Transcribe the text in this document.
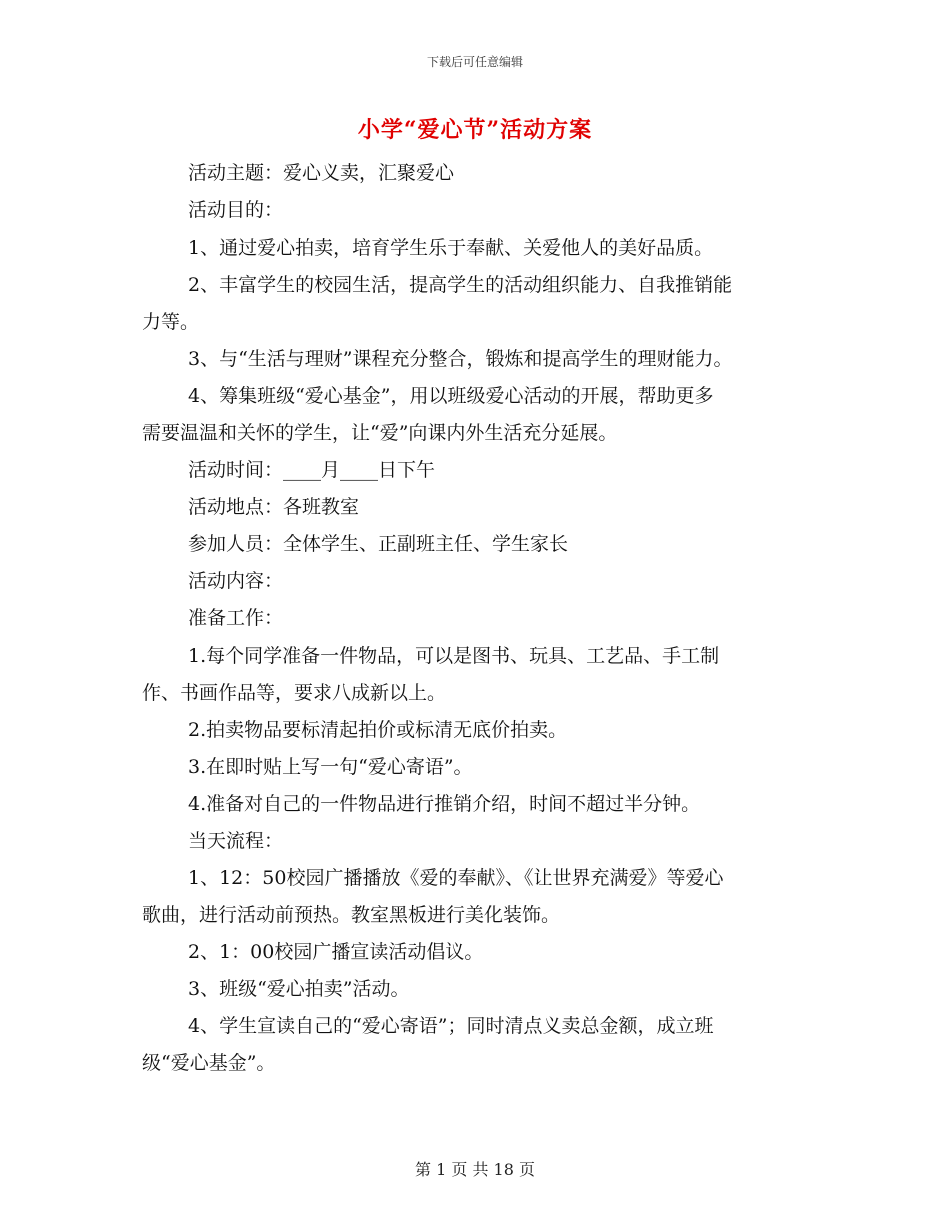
下载后可任意编辑
小学“爱心节”活动方案
活动主题：爱心义卖，汇聚爱心
活动目的：
1、通过爱心拍卖，培育学生乐于奉献、关爱他人的美好品质。
2、丰富学生的校园生活，提高学生的活动组织能力、自我推销能
力等。
3、与“生活与理财”课程充分整合，锻炼和提高学生的理财能力。
4、筹集班级“爱心基金”，用以班级爱心活动的开展，帮助更多
需要温温和关怀的学生，让“爱”向课内外生活充分延展。
活动时间：____月____日下午
活动地点：各班教室
参加人员：全体学生、正副班主任、学生家长
活动内容：
准备工作：
1.每个同学准备一件物品，可以是图书、玩具、工艺品、手工制
作、书画作品等，要求八成新以上。
2.拍卖物品要标清起拍价或标清无底价拍卖。
3.在即时贴上写一句“爱心寄语”。
4.准备对自己的一件物品进行推销介绍，时间不超过半分钟。
当天流程：
1、12：50校园广播播放《爱的奉献》、《让世界充满爱》等爱心
歌曲，进行活动前预热。教室黑板进行美化装饰。
2、1：00校园广播宣读活动倡议。
3、班级“爱心拍卖”活动。
4、学生宣读自己的“爱心寄语”；同时清点义卖总金额，成立班
级“爱心基金”。
第 1 页 共 18 页
